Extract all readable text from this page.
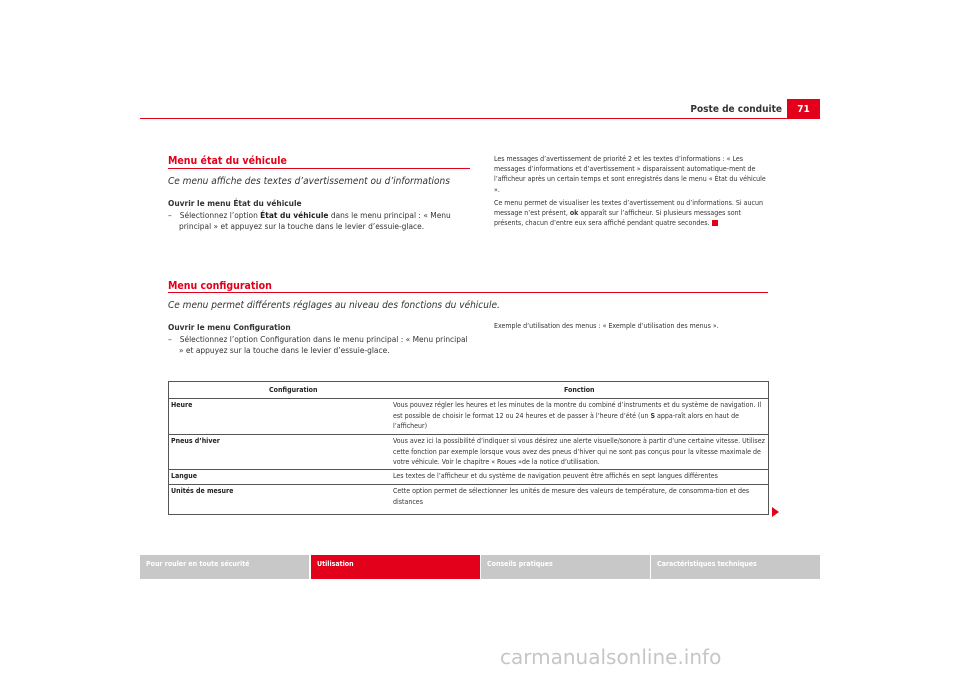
Poste de conduite	71
Menu état du véhicule
Ce menu affiche des textes d’avertissement ou d’informations
Ouvrir le menu État du véhicule

– Sélectionnez l’option État du véhicule dans le menu principal : « Menu principal » et appuyez sur la touche dans le levier d’essuie-glace.

Les messages d’avertissement de priorité 2 et les textes d’informations : « Les messages d’informations et d’avertissement » disparaissent automatique-ment de l’afficheur après un certain temps et sont enregistrés dans le menu « État du véhicule ».

Ce menu permet de visualiser les textes d’avertissement ou d’informations. Si aucun message n’est présent, ok apparaît sur l’afficheur. Si plusieurs messages sont présents, chacun d’entre eux sera affiché pendant quatre secondes.

Menu configuration
Ce menu permet différents réglages au niveau des fonctions du véhicule.
Ouvrir le menu Configuration

– Sélectionnez l’option Configuration dans le menu principal : « Menu principal » et appuyez sur la touche dans le levier d’essuie-glace.

Exemple d’utilisation des menus : « Exemple d’utilisation des menus ».
Configuration	Fonction
Heure	Vous pouvez régler les heures et les minutes de la montre du combiné d’instruments et du système de navigation. Il est possible de choisir le format 12 ou 24 heures et de passer à l’heure d’été (un S appa-raît alors en haut de l’afficheur)
Pneus d’hiver	Vous avez ici la possibilité d’indiquer si vous désirez une alerte visuelle/sonore à partir d’une certaine vitesse. Utilisez cette fonction par exemple lorsque vous avez des pneus d’hiver qui ne sont pas conçus pour la vitesse maximale de votre véhicule. Voir le chapitre « Roues »de la notice d’utilisation.
Langue	Les textes de l’afficheur et du système de navigation peuvent être affichés en sept langues différentes
Unités de mesure	Cette option permet de sélectionner les unités de mesure des valeurs de température, de consomma-tion et des distances
Pour rouler en toute sécurité	Utilisation	Conseils pratiques	Caractéristiques techniques
carmanualsonline.info
